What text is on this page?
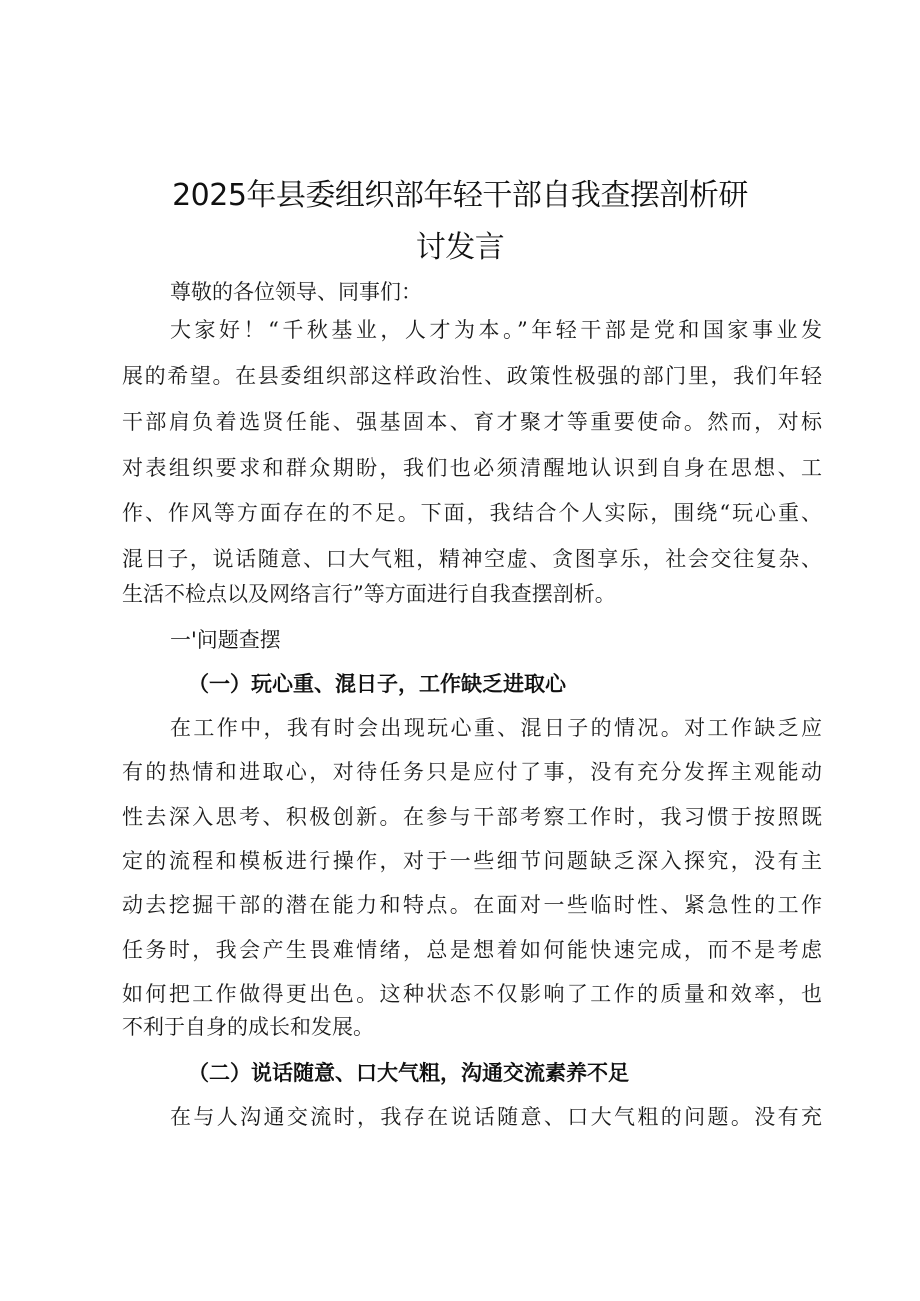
2025年县委组织部年轻干部自我查摆剖析研
讨发言
尊敬的各位领导、同事们：
大家好！“千秋基业，人才为本。”年轻干部是党和国家事业发
展的希望。在县委组织部这样政治性、政策性极强的部门里，我们年轻
干部肩负着选贤任能、强基固本、育才聚才等重要使命。然而，对标
对表组织要求和群众期盼，我们也必须清醒地认识到自身在思想、工
作、作风等方面存在的不足。下面，我结合个人实际，围绕“玩心重、
混日子，说话随意、口大气粗，精神空虚、贪图享乐，社会交往复杂、
生活不检点以及网络言行”等方面进行自我查摆剖析。
一'问题查摆
（一）玩心重、混日子，工作缺乏进取心
在工作中，我有时会出现玩心重、混日子的情况。对工作缺乏应
有的热情和进取心，对待任务只是应付了事，没有充分发挥主观能动
性去深入思考、积极创新。在参与干部考察工作时，我习惯于按照既
定的流程和模板进行操作，对于一些细节问题缺乏深入探究，没有主
动去挖掘干部的潜在能力和特点。在面对一些临时性、紧急性的工作
任务时，我会产生畏难情绪，总是想着如何能快速完成，而不是考虑
如何把工作做得更出色。这种状态不仅影响了工作的质量和效率，也
不利于自身的成长和发展。
（二）说话随意、口大气粗，沟通交流素养不足
在与人沟通交流时，我存在说话随意、口大气粗的问题。没有充
